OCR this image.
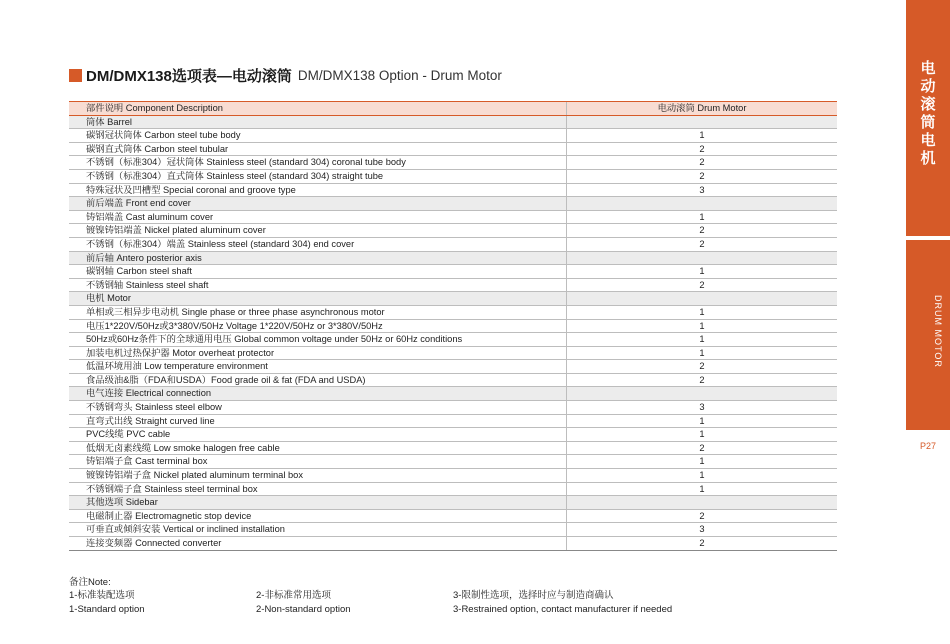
电
动
滚
筒
电
机
DRUM MOTOR
P27
DM/DMX138选项表—电动滚筒 DM/DMX138 Option - Drum Motor
部件说明 Component Description	电动滚筒 Drum Motor
筒体 Barrel	
碳钢冠状筒体 Carbon steel tube body	1
碳钢直式筒体 Carbon steel tubular	2
不锈钢（标准304）冠状筒体 Stainless steel (standard 304) coronal tube body	2
不锈钢（标准304）直式筒体 Stainless steel (standard 304) straight tube	2
特殊冠状及凹槽型 Special coronal and groove type	3
前后端盖 Front end cover	
铸铝端盖 Cast aluminum cover	1
镀镍铸铝端盖 Nickel plated aluminum cover	2
不锈钢（标准304）端盖 Stainless steel (standard 304) end cover	2
前后轴 Antero posterior axis	
碳钢轴 Carbon steel shaft	1
不锈钢轴 Stainless steel shaft	2
电机 Motor	
单相或三相异步电动机 Single phase or three phase asynchronous motor	1
电压1*220V/50Hz或3*380V/50Hz Voltage 1*220V/50Hz or 3*380V/50Hz	1
50Hz或60Hz条件下的全球通用电压 Global common voltage under 50Hz or 60Hz conditions	1
加装电机过热保护器 Motor overheat protector	1
低温环境用油 Low temperature environment	2
食品级油&脂（FDA和USDA）Food grade oil & fat (FDA and USDA)	2
电气连接 Electrical connection	
不锈钢弯头 Stainless steel elbow	3
直弯式出线 Straight curved line	1
PVC线缆 PVC cable	1
低烟无卤素线缆 Low smoke halogen free cable	2
铸铝端子盒 Cast terminal box	1
镀镍铸铝端子盒 Nickel plated aluminum terminal box	1
不锈钢端子盒 Stainless steel terminal box	1
其他选项 Sidebar	
电磁制止器 Electromagnetic stop device	2
可垂直或倾斜安装 Vertical or inclined installation	3
连接变频器 Connected converter	2
备注Note:
1-标准装配选项
1-Standard option
2-非标准常用选项
2-Non-standard option
3-限制性选项，选择时应与制造商确认
3-Restrained option, contact manufacturer if needed
